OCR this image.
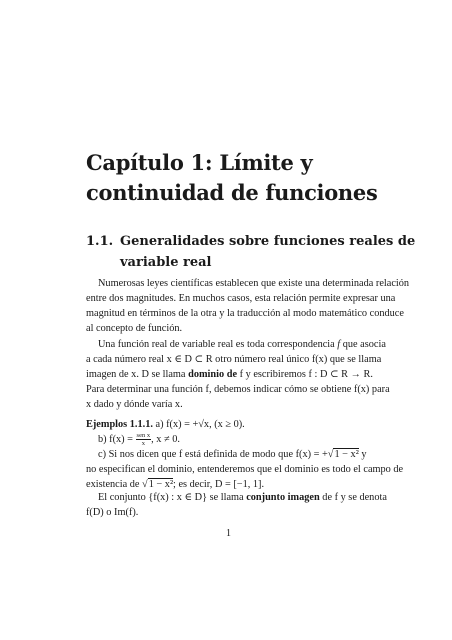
Capítulo 1: Límite y
continuidad de funciones
1.1. Generalidades sobre funciones reales de
variable real
Numerosas leyes científicas establecen que existe una determinada relación
entre dos magnitudes. En muchos casos, esta relación permite expresar una
magnitud en términos de la otra y la traducción al modo matemático conduce
al concepto de función.
Una función real de variable real es toda correspondencia f que asocia
a cada número real x ∈ D ⊂ R otro número real único f(x) que se llama
imagen de x. D se llama dominio de f y escribiremos f : D ⊂ R → R.
Para determinar una función f, debemos indicar cómo se obtiene f(x) para
x dado y dónde varía x.
Ejemplos 1.1.1. a) f(x) = +√x, (x ≥ 0).
b) $f(x) = \frac{\text{sen x}}{x}$ , x ≠ 0.
c) Si nos dicen que f está definida de modo que f(x) = +√1 − x² y
no especifican el dominio, entenderemos que el dominio es todo el campo de
existencia de √1 − x²; es decir, D = [−1, 1].
El conjunto {f(x) : x ∈ D} se llama conjunto imagen de f y se denota
f(D) o Im(f).
1
